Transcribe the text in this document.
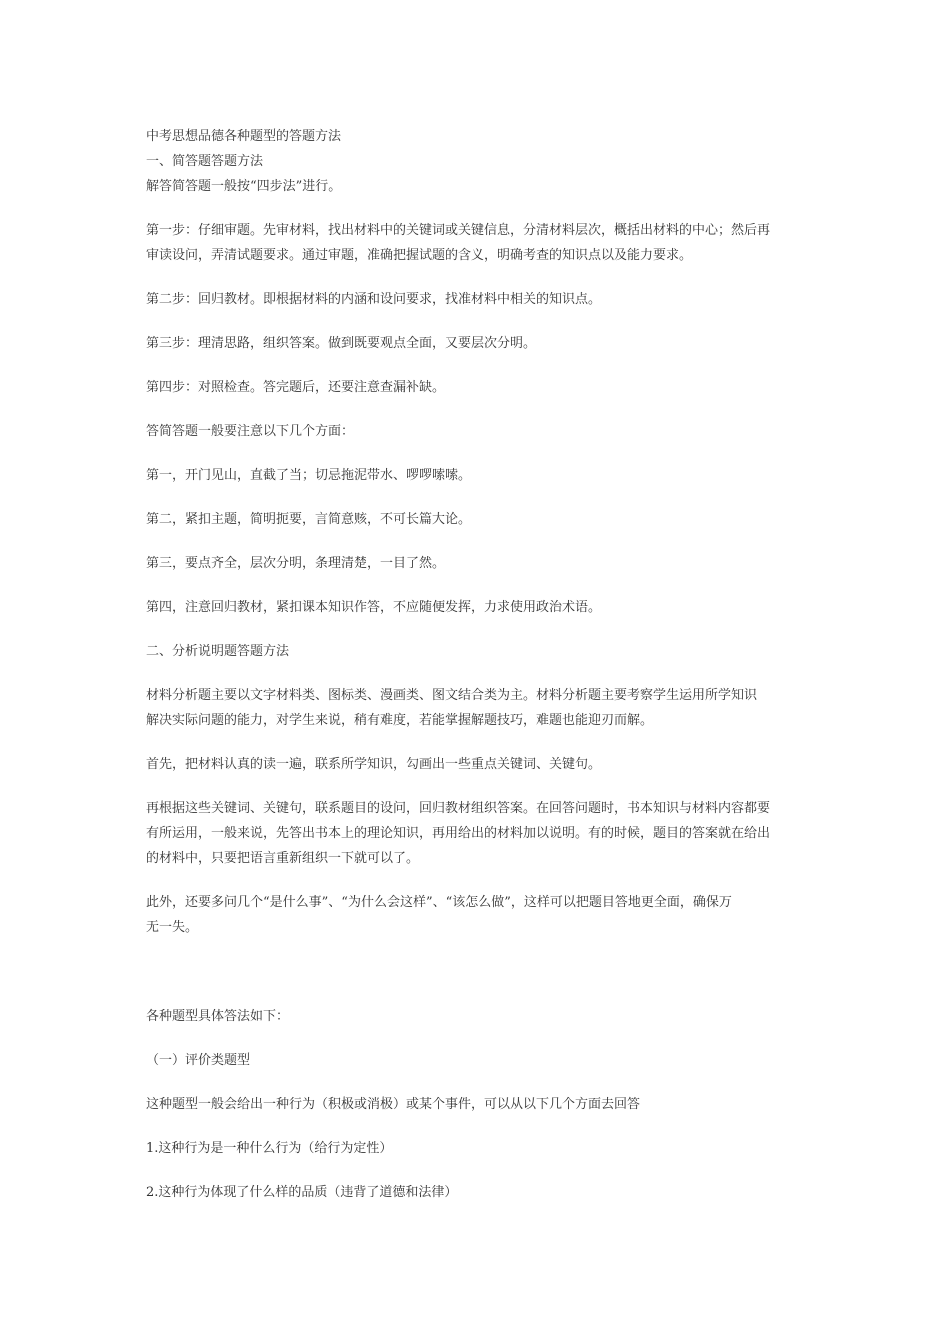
中考思想品德各种题型的答题方法
一、简答题答题方法
解答简答题一般按“四步法”进行。
第一步：仔细审题。先审材料，找出材料中的关键词或关键信息，分清材料层次，概括出材料的中心；然后再
审读设问，弄清试题要求。通过审题，准确把握试题的含义，明确考查的知识点以及能力要求。
第二步：回归教材。即根据材料的内涵和设问要求，找准材料中相关的知识点。
第三步：理清思路，组织答案。做到既要观点全面，又要层次分明。
第四步：对照检查。答完题后，还要注意查漏补缺。
答简答题一般要注意以下几个方面：
第一，开门见山，直截了当；切忌拖泥带水、啰啰嗦嗦。
第二，紧扣主题，简明扼要，言简意赅，不可长篇大论。
第三，要点齐全，层次分明，条理清楚，一目了然。
第四，注意回归教材，紧扣课本知识作答，不应随便发挥，力求使用政治术语。
二、分析说明题答题方法
材料分析题主要以文字材料类、图标类、漫画类、图文结合类为主。材料分析题主要考察学生运用所学知识
解决实际问题的能力，对学生来说，稍有难度，若能掌握解题技巧，难题也能迎刃而解。
首先，把材料认真的读一遍，联系所学知识，勾画出一些重点关键词、关键句。
再根据这些关键词、关键句，联系题目的设问，回归教材组织答案。在回答问题时，书本知识与材料内容都要
有所运用，一般来说，先答出书本上的理论知识，再用给出的材料加以说明。有的时候，题目的答案就在给出
的材料中，只要把语言重新组织一下就可以了。
此外，还要多问几个“是什么事”、“为什么会这样”、“该怎么做”，这样可以把题目答地更全面，确保万
无一失。
各种题型具体答法如下：
（一）评价类题型
这种题型一般会给出一种行为（积极或消极）或某个事件，可以从以下几个方面去回答
1.这种行为是一种什么行为（给行为定性）
2.这种行为体现了什么样的品质（违背了道德和法律）
